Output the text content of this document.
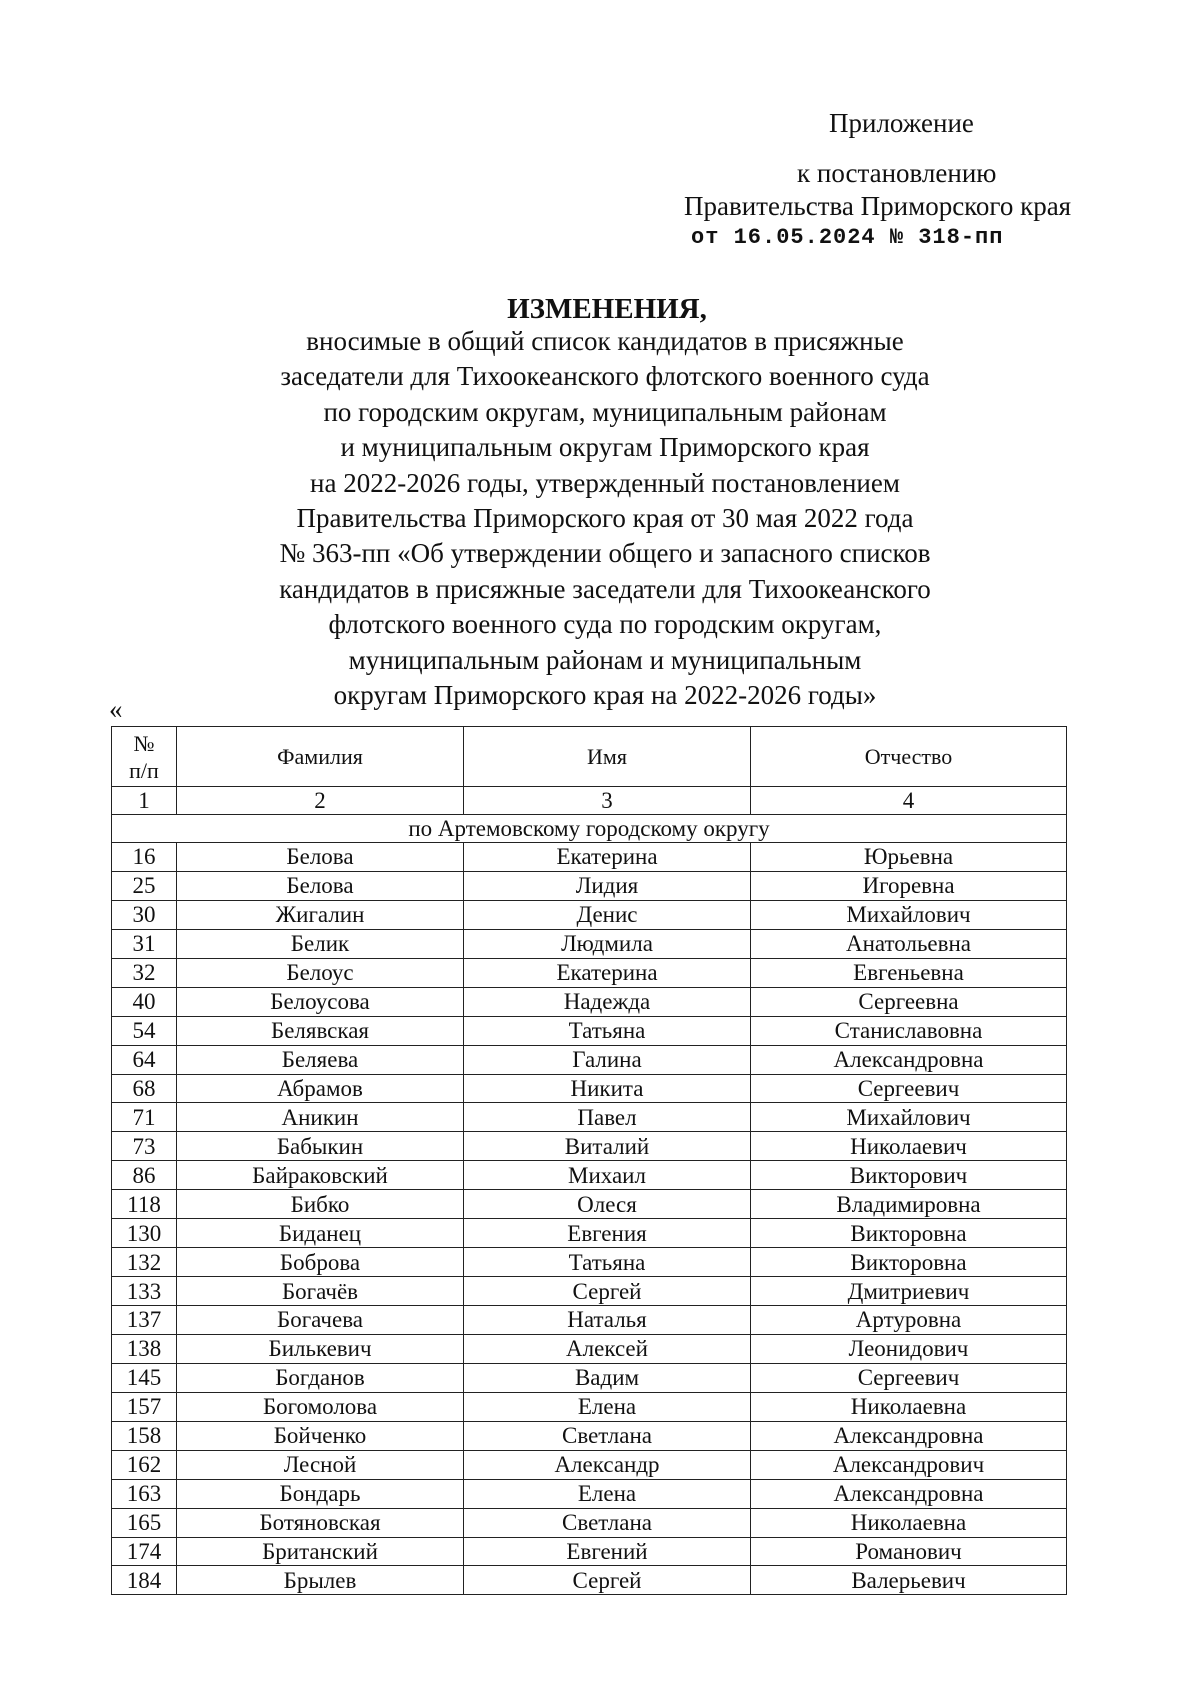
Приложение
к постановлению
Правительства Приморского края
от 16.05.2024 № 318-пп

ИЗМЕНЕНИЯ,

вносимые в общий список кандидатов в присяжные
заседатели для Тихоокеанского флотского военного суда
по городским округам, муниципальным районам
и муниципальным округам Приморского края
на 2022-2026 годы, утвержденный постановлением
Правительства Приморского края от 30 мая 2022 года
№ 363-пп «Об утверждении общего и запасного списков
кандидатов в присяжные заседатели для Тихоокеанского
флотского военного суда по городским округам,
муниципальным районам и муниципальным
округам Приморского края на 2022-2026 годы»

«
№
п/п	Фамилия	Имя	Отчество
1	2	3	4
по Артемовскому городскому округу			
16	Белова	Екатерина	Юрьевна
25	Белова	Лидия	Игоревна
30	Жигалин	Денис	Михайлович
31	Белик	Людмила	Анатольевна
32	Белоус	Екатерина	Евгеньевна
40	Белоусова	Надежда	Сергеевна
54	Белявская	Татьяна	Станиславовна
64	Беляева	Галина	Александровна
68	Абрамов	Никита	Сергеевич
71	Аникин	Павел	Михайлович
73	Бабыкин	Виталий	Николаевич
86	Байраковский	Михаил	Викторович
118	Бибко	Олеся	Владимировна
130	Биданец	Евгения	Викторовна
132	Боброва	Татьяна	Викторовна
133	Богачёв	Сергей	Дмитриевич
137	Богачева	Наталья	Артуровна
138	Билькевич	Алексей	Леонидович
145	Богданов	Вадим	Сергеевич
157	Богомолова	Елена	Николаевна
158	Бойченко	Светлана	Александровна
162	Лесной	Александр	Александрович
163	Бондарь	Елена	Александровна
165	Ботяновская	Светлана	Николаевна
174	Британский	Евгений	Романович
184	Брылев	Сергей	Валерьевич
